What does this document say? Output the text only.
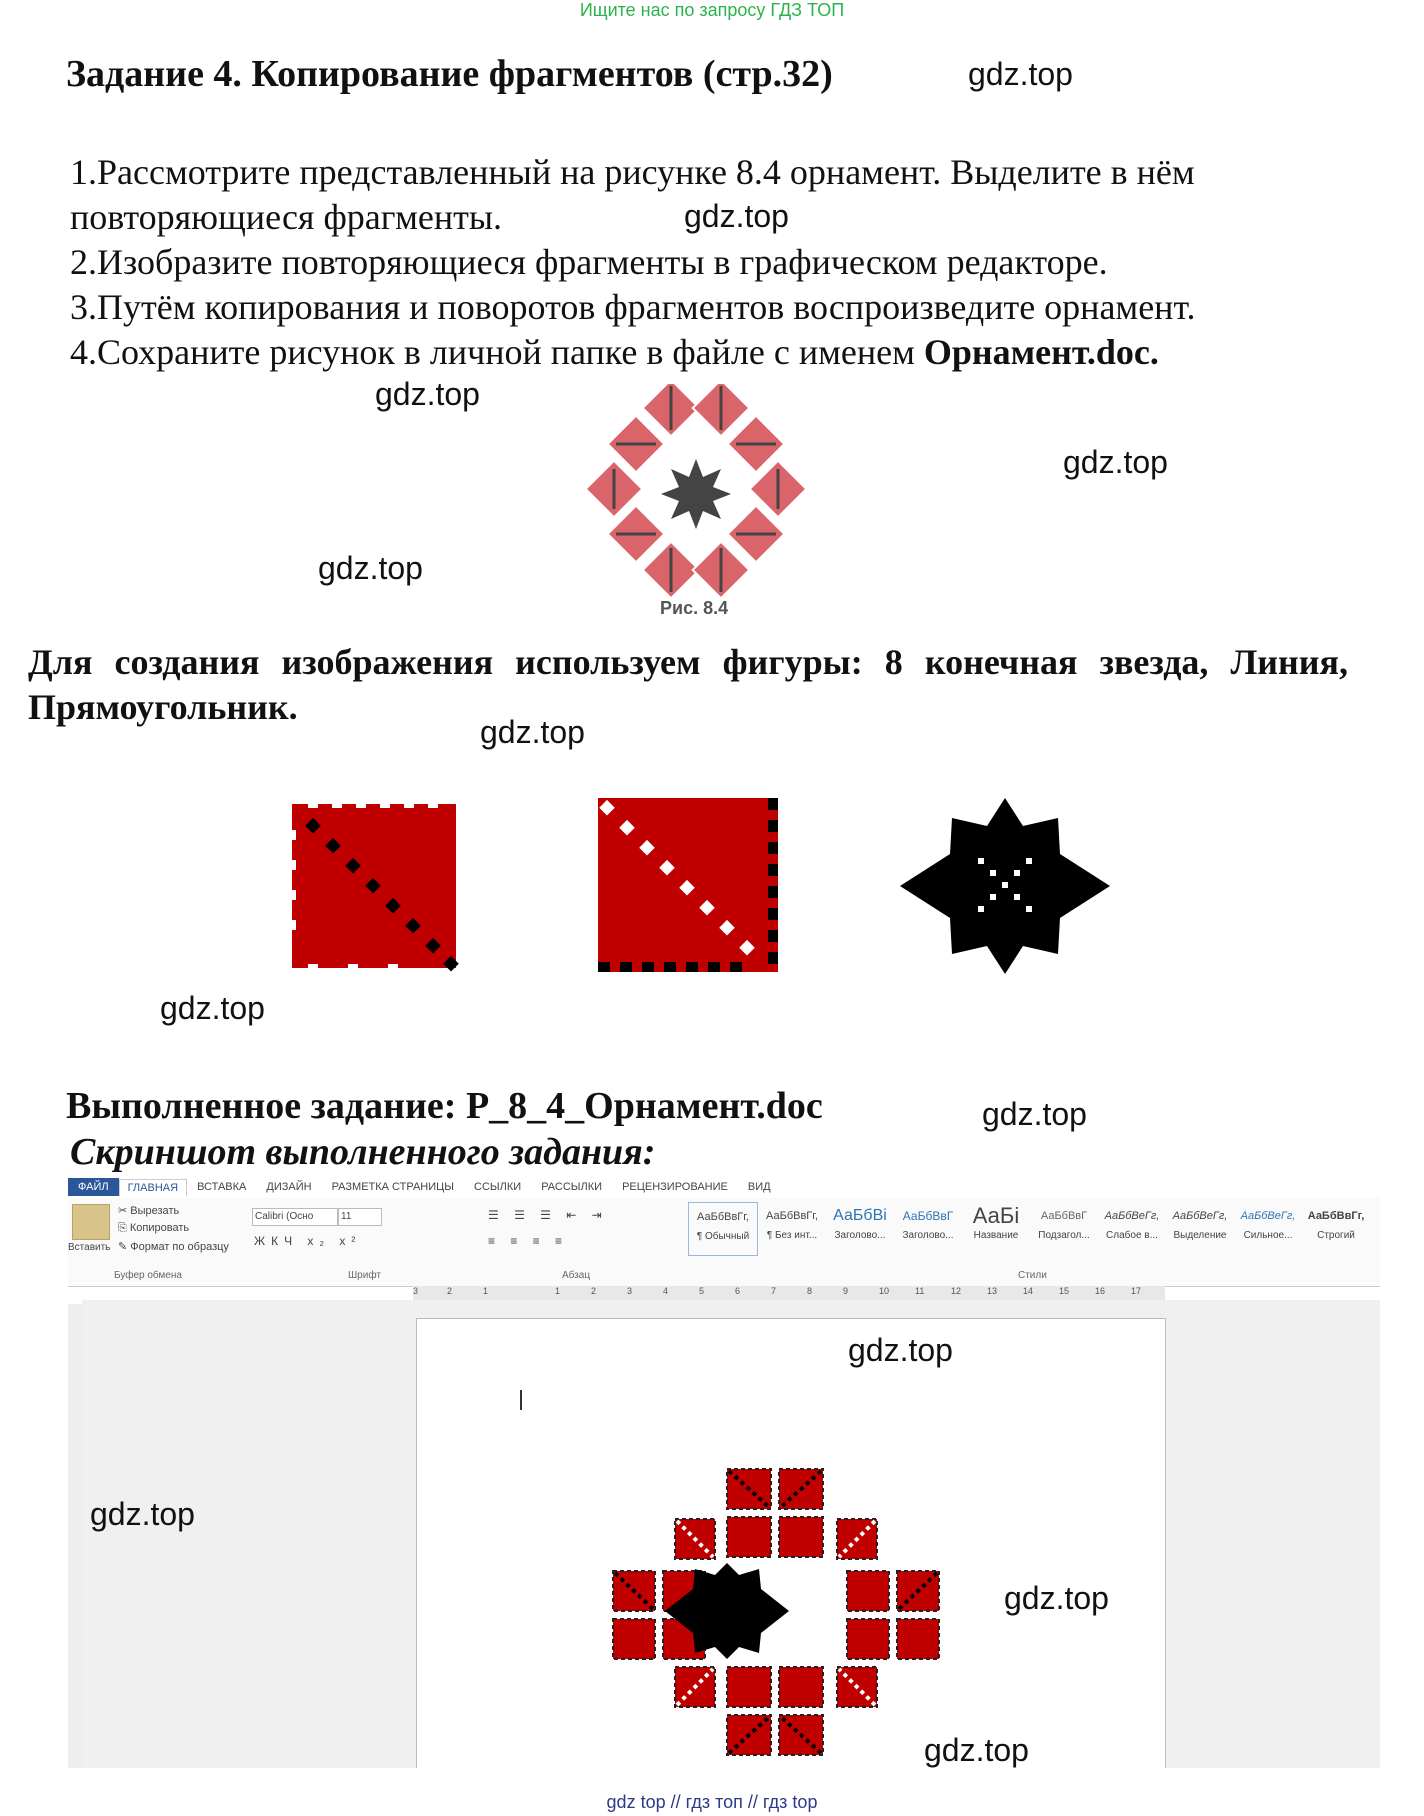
Ищите нас по запросу ГДЗ ТОП
Задание 4. Копирование фрагментов (стр.32)	gdz.top

1.Рассмотрите представленный на рисунке 8.4 орнамент. Выделите в нём повторяющиеся фрагменты.	gdz.top

2.Изобразите повторяющиеся фрагменты в графическом редакторе.

3.Путём копирования и поворотов фрагментов воспроизведите орнамент.

4.Сохраните рисунок в личной папке в файле с именем Орнамент.doc.

gdz.top
gdz.top
gdz.top
Рис. 8.4

Для создания изображения используем фигуры: 8 конечная звезда, Линия, Прямоугольник.

gdz.top
gdz.top

Выполненное задание: Р_8_4_Орнамент.doc	gdz.top

Скриншот выполненного задания:

ФАЙЛ	ГЛАВНАЯ	ВСТАВКА	ДИЗАЙН	РАЗМЕТКА СТРАНИЦЫ	ССЫЛКИ	РАССЫЛКИ	РЕЦЕНЗИРОВАНИЕ	ВИД
Вставить
✂ Вырезать
⎘ Копировать
✎ Формат по образцу
Буфер обмена
Calibri (Осно	11
ЖКЧ x₂ x²
Шрифт
☰ ☰ ☰ ⇤ ⇥
≡ ≡ ≡ ≡
Абзац
АаБбВвГг,
¶ Обычный
АаБбВвГг,
¶ Без инт...
АаБбВі
Заголово...
АаБбВвГ
Заголово...
АаБі
Название
АаБбВвГ
Подзагол...
АаБбВеГг,
Слабое в...
АаБбВеГг,
Выделение
АаБбВеГг,
Сильное...
АаБбВвГг,
Строгий
Стили
3	2	1	1	2	3	4	5	6	7	8	9	10	11	12	13	14	15	16	17
gdz.top
gdz.top
gdz.top
gdz.top
gdz top // гдз топ // гдз top
